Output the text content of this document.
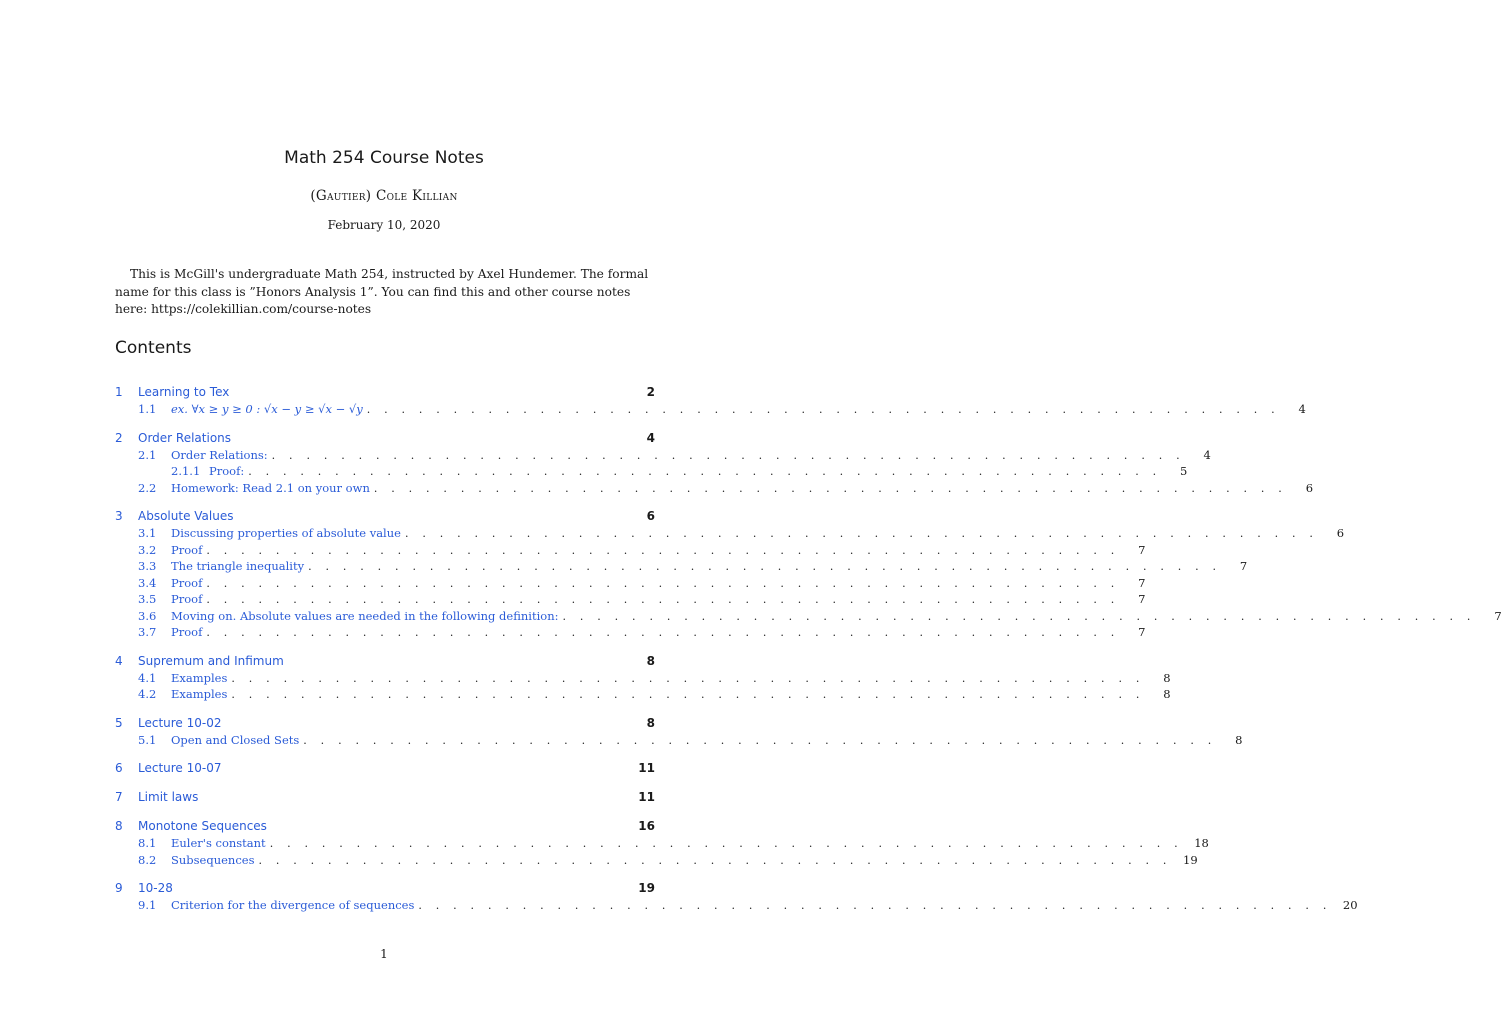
Math 254 Course Notes
(Gautier) Cole Killian
February 10, 2020
This is McGill's undergraduate Math 254, instructed by Axel Hundemer. The formal name for this class is ”Honors Analysis 1”. You can find this and other course notes here: https://colekillian.com/course-notes
Contents
1 Learning to Tex	2
1.1	ex. ∀x ≥ y ≥ 0 : √x − y ≥ √x − √y . . . . . . . . . . . . . . . . . . . . . . . . . . . . . . . . . . . . . . . . . . . . . . . . . . . . .	4
2 Order Relations	4
2.1	Order Relations: . . . . . . . . . . . . . . . . . . . . . . . . . . . . . . . . . . . . . . . . . . . . . . . . . . . . .	4
2.1.1 Proof: . . . . . . . . . . . . . . . . . . . . . . . . . . . . . . . . . . . . . . . . . . . . . . . . . . . . .	5
2.2	Homework: Read 2.1 on your own . . . . . . . . . . . . . . . . . . . . . . . . . . . . . . . . . . . . . . . . . . . . . . . . . . . . .	6
3 Absolute Values	6
3.1	Discussing properties of absolute value . . . . . . . . . . . . . . . . . . . . . . . . . . . . . . . . . . . . . . . . . . . . . . . . . . . . .	6
3.2	Proof . . . . . . . . . . . . . . . . . . . . . . . . . . . . . . . . . . . . . . . . . . . . . . . . . . . . .	7
3.3	The triangle inequality . . . . . . . . . . . . . . . . . . . . . . . . . . . . . . . . . . . . . . . . . . . . . . . . . . . . .	7
3.4	Proof . . . . . . . . . . . . . . . . . . . . . . . . . . . . . . . . . . . . . . . . . . . . . . . . . . . . .	7
3.5	Proof . . . . . . . . . . . . . . . . . . . . . . . . . . . . . . . . . . . . . . . . . . . . . . . . . . . . .	7
3.6	Moving on. Absolute values are needed in the following definition: . . . . . . . . . . . . . . . . . . . . . . . . . . . . . . . . . . . . . . . . . . . . . . . . . . . . .	7
3.7	Proof . . . . . . . . . . . . . . . . . . . . . . . . . . . . . . . . . . . . . . . . . . . . . . . . . . . . .	7
4 Supremum and Infimum	8
4.1	Examples . . . . . . . . . . . . . . . . . . . . . . . . . . . . . . . . . . . . . . . . . . . . . . . . . . . . .	8
4.2	Examples . . . . . . . . . . . . . . . . . . . . . . . . . . . . . . . . . . . . . . . . . . . . . . . . . . . . .	8
5 Lecture 10-02	8
5.1	Open and Closed Sets . . . . . . . . . . . . . . . . . . . . . . . . . . . . . . . . . . . . . . . . . . . . . . . . . . . . .	8
6 Lecture 10-07	11
7 Limit laws	11
8 Monotone Sequences	16
8.1	Euler's constant . . . . . . . . . . . . . . . . . . . . . . . . . . . . . . . . . . . . . . . . . . . . . . . . . . . . . 18
8.2	Subsequences . . . . . . . . . . . . . . . . . . . . . . . . . . . . . . . . . . . . . . . . . . . . . . . . . . . . . 19
9 10-28	19
9.1	Criterion for the divergence of sequences . . . . . . . . . . . . . . . . . . . . . . . . . . . . . . . . . . . . . . . . . . . . . . . . . . . . . 20
1
